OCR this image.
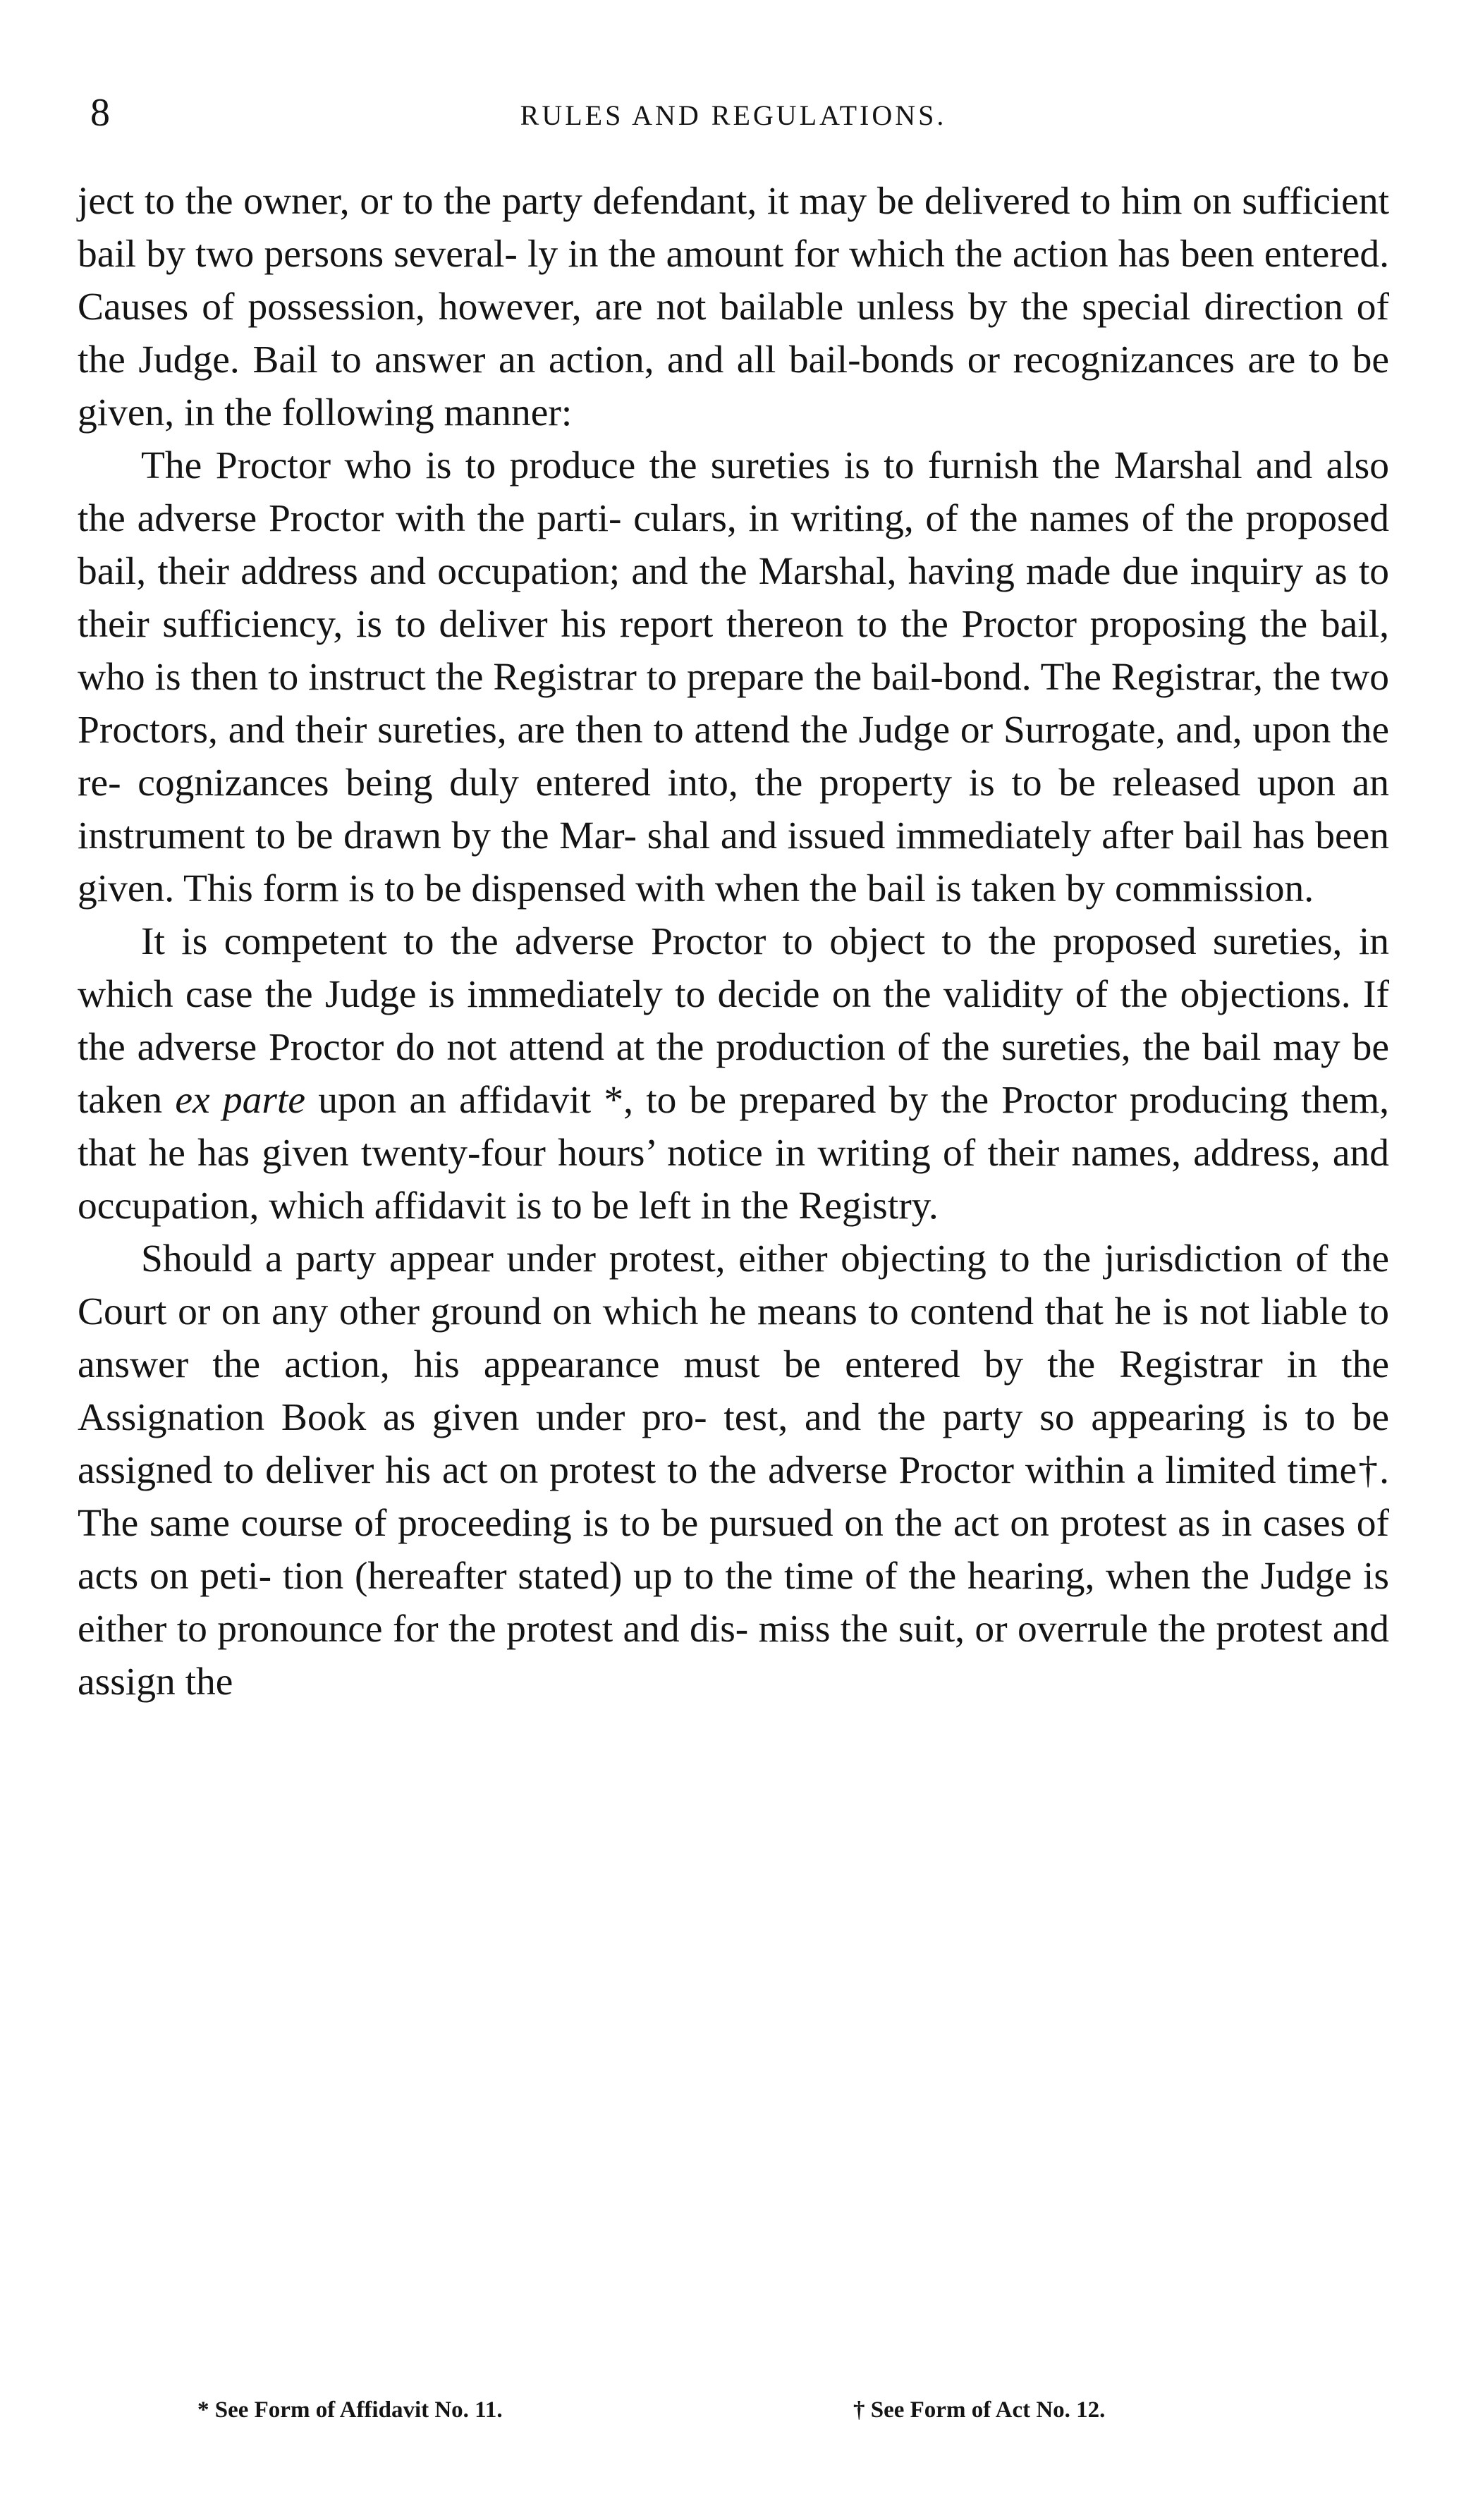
8	RULES AND REGULATIONS.

ject to the owner, or to the party defendant, it may be delivered to him on sufficient bail by two persons several- ly in the amount for which the action has been entered. Causes of possession, however, are not bailable unless by the special direction of the Judge. Bail to answer an action, and all bail-bonds or recognizances are to be given, in the following manner:

The Proctor who is to produce the sureties is to furnish the Marshal and also the adverse Proctor with the parti- culars, in writing, of the names of the proposed bail, their address and occupation; and the Marshal, having made due inquiry as to their sufficiency, is to deliver his report thereon to the Proctor proposing the bail, who is then to instruct the Registrar to prepare the bail-bond. The Registrar, the two Proctors, and their sureties, are then to attend the Judge or Surrogate, and, upon the re- cognizances being duly entered into, the property is to be released upon an instrument to be drawn by the Mar- shal and issued immediately after bail has been given. This form is to be dispensed with when the bail is taken by commission.

It is competent to the adverse Proctor to object to the proposed sureties, in which case the Judge is immediately to decide on the validity of the objections. If the adverse Proctor do not attend at the production of the sureties, the bail may be taken ex parte upon an affidavit *, to be prepared by the Proctor producing them, that he has given twenty-four hours’ notice in writing of their names, address, and occupation, which affidavit is to be left in the Registry.

Should a party appear under protest, either objecting to the jurisdiction of the Court or on any other ground on which he means to contend that he is not liable to answer the action, his appearance must be entered by the Registrar in the Assignation Book as given under pro- test, and the party so appearing is to be assigned to deliver his act on protest to the adverse Proctor within a limited time†. The same course of proceeding is to be pursued on the act on protest as in cases of acts on peti- tion (hereafter stated) up to the time of the hearing, when the Judge is either to pronounce for the protest and dis- miss the suit, or overrule the protest and assign the

* See Form of Affidavit No. 11.	† See Form of Act No. 12.
